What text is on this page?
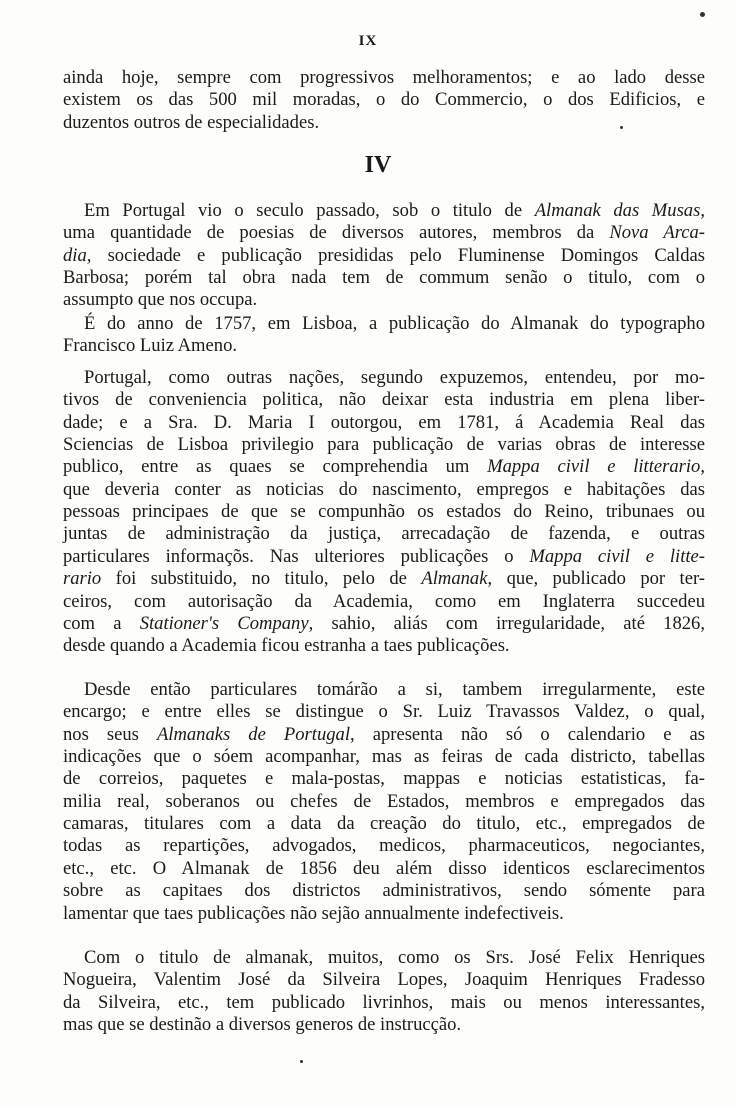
IX
IV
ainda hoje, sempre com progressivos melhoramentos; e ao lado desse
existem os das 500 mil moradas, o do Commercio, o dos Edificios, e
duzentos outros de especialidades.
Em Portugal vio o seculo passado, sob o titulo de Almanak das Musas,
uma quantidade de poesias de diversos autores, membros da Nova Arca-
dia, sociedade e publicação presididas pelo Fluminense Domingos Caldas
Barbosa; porém tal obra nada tem de commum senão o titulo, com o
assumpto que nos occupa.
É do anno de 1757, em Lisboa, a publicação do Almanak do typographo
Francisco Luiz Ameno.
Portugal, como outras nações, segundo expuzemos, entendeu, por mo-
tivos de conveniencia politica, não deixar esta industria em plena liber-
dade; e a Sra. D. Maria I outorgou, em 1781, á Academia Real das
Sciencias de Lisboa privilegio para publicação de varias obras de interesse
publico, entre as quaes se comprehendia um Mappa civil e litterario,
que deveria conter as noticias do nascimento, empregos e habitações das
pessoas principaes de que se compunhão os estados do Reino, tribunaes ou
juntas de administração da justiça, arrecadação de fazenda, e outras
particulares informaçõs. Nas ulteriores publicações o Mappa civil e litte-
rario foi substituido, no titulo, pelo de Almanak, que, publicado por ter-
ceiros, com autorisação da Academia, como em Inglaterra succedeu
com a Stationer's Company, sahio, aliás com irregularidade, até 1826,
desde quando a Academia ficou estranha a taes publicações.
Desde então particulares tomárão a si, tambem irregularmente, este
encargo; e entre elles se distingue o Sr. Luiz Travassos Valdez, o qual,
nos seus Almanaks de Portugal, apresenta não só o calendario e as
indicações que o sóem acompanhar, mas as feiras de cada districto, tabellas
de correios, paquetes e mala-postas, mappas e noticias estatisticas, fa-
milia real, soberanos ou chefes de Estados, membros e empregados das
camaras, titulares com a data da creação do titulo, etc., empregados de
todas as repartições, advogados, medicos, pharmaceuticos, negociantes,
etc., etc. O Almanak de 1856 deu além disso identicos esclarecimentos
sobre as capitaes dos districtos administrativos, sendo sómente para
lamentar que taes publicações não sejão annualmente indefectiveis.
Com o titulo de almanak, muitos, como os Srs. José Felix Henriques
Nogueira, Valentim José da Silveira Lopes, Joaquim Henriques Fradesso
da Silveira, etc., tem publicado livrinhos, mais ou menos interessantes,
mas que se destinão a diversos generos de instrucção.
